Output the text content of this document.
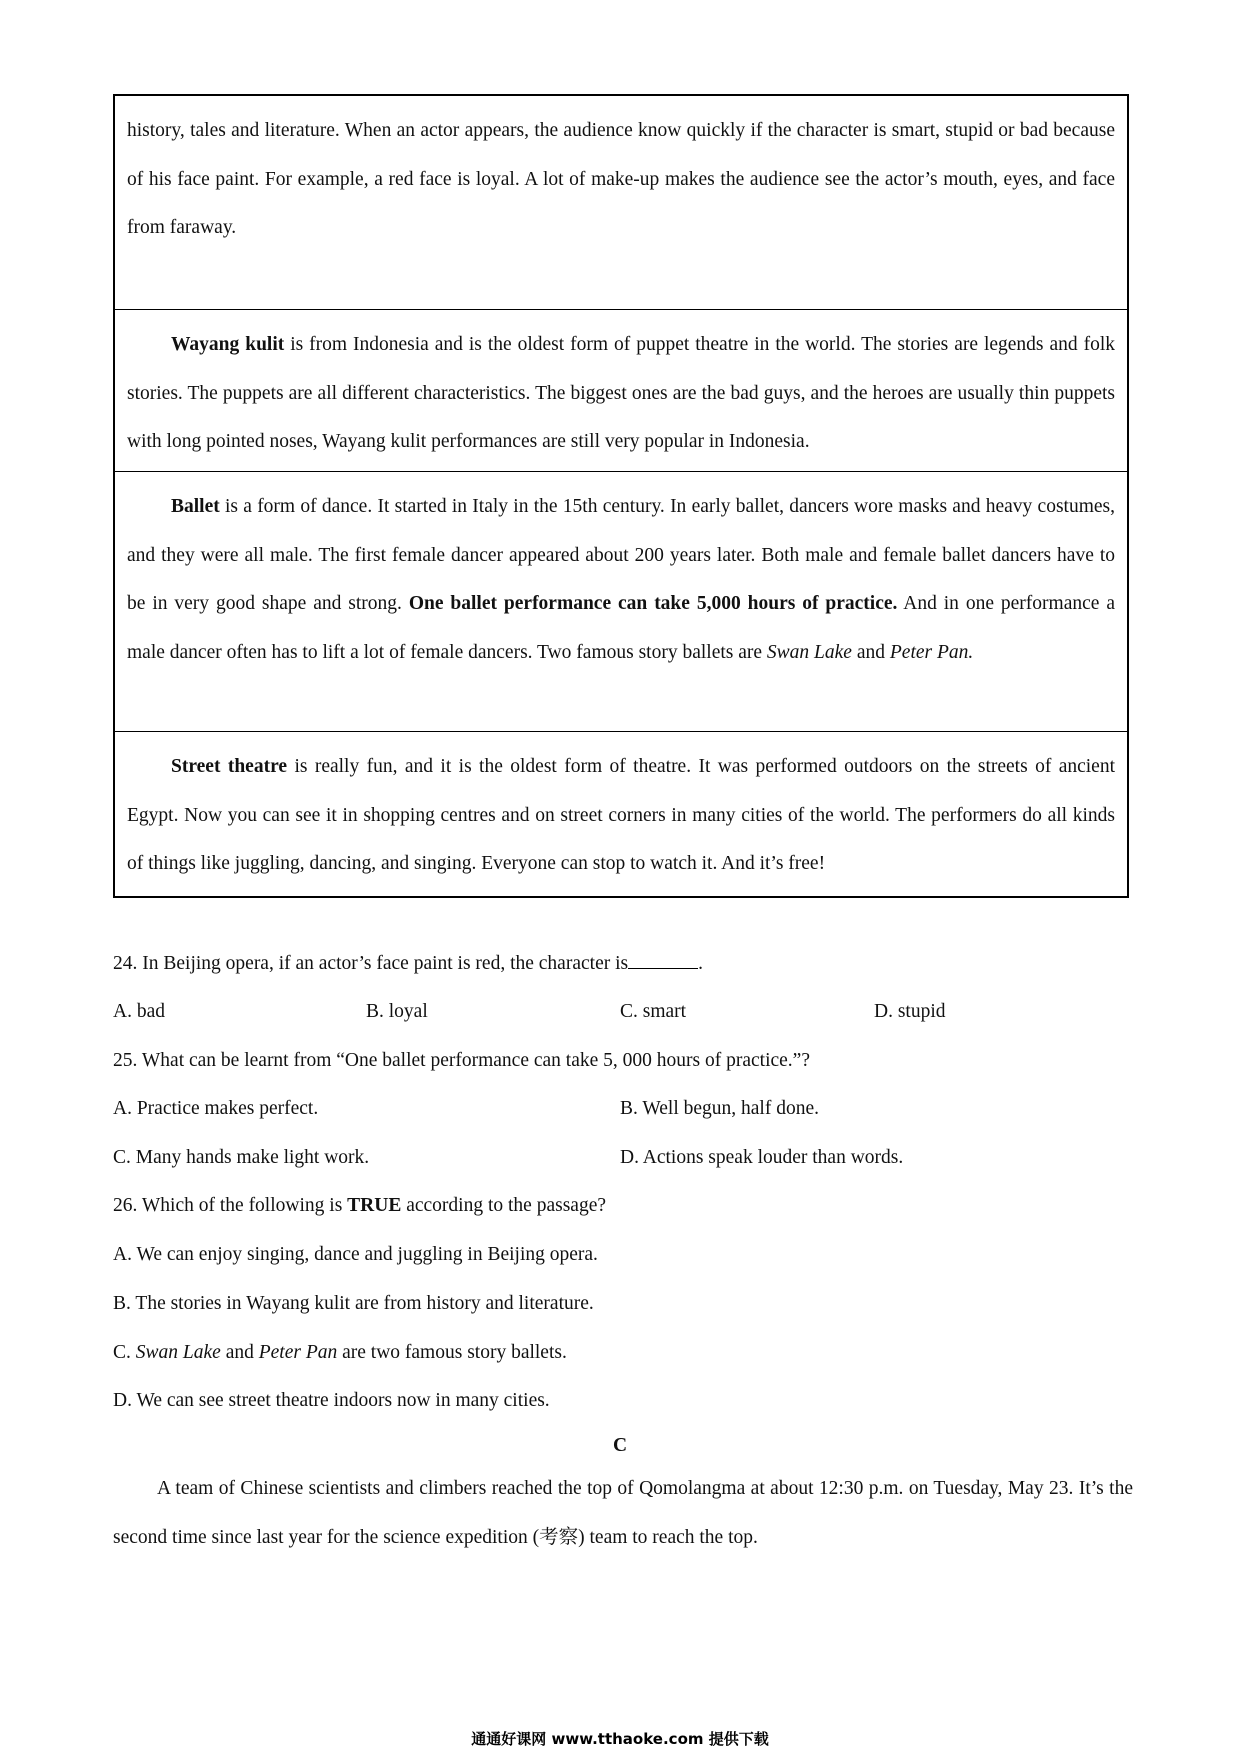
history, tales and literature. When an actor appears, the audience know quickly if the character is smart, stupid or bad because of his face paint. For example, a red face is loyal. A lot of make-up makes the audience see the actor’s mouth, eyes, and face from faraway.

Wayang kulit is from Indonesia and is the oldest form of puppet theatre in the world. The stories are legends and folk stories. The puppets are all different characteristics. The biggest ones are the bad guys, and the heroes are usually thin puppets with long pointed noses, Wayang kulit performances are still very popular in Indonesia.

Ballet is a form of dance. It started in Italy in the 15th century. In early ballet, dancers wore masks and heavy costumes, and they were all male. The first female dancer appeared about 200 years later. Both male and female ballet dancers have to be in very good shape and strong. One ballet performance can take 5,000 hours of practice. And in one performance a male dancer often has to lift a lot of female dancers. Two famous story ballets are Swan Lake and Peter Pan.

Street theatre is really fun, and it is the oldest form of theatre. It was performed outdoors on the streets of ancient Egypt. Now you can see it in shopping centres and on street corners in many cities of the world. The performers do all kinds of things like juggling, dancing, and singing. Everyone can stop to watch it. And it’s free!

24. In Beijing opera, if an actor’s face paint is red, the character is	.

A. bad	B. loyal	C. smart	D. stupid

25. What can be learnt from “One ballet performance can take 5, 000 hours of practice.”?

A. Practice makes perfect.	B. Well begun, half done.

C. Many hands make light work.	D. Actions speak louder than words.

26. Which of the following is TRUE according to the passage?

A. We can enjoy singing, dance and juggling in Beijing opera.

B. The stories in Wayang kulit are from history and literature.

C. Swan Lake and Peter Pan are two famous story ballets.

D. We can see street theatre indoors now in many cities.

C

A team of Chinese scientists and climbers reached the top of Qomolangma at about 12:30 p.m. on Tuesday, May 23. It’s the second time since last year for the science expedition (考察) team to reach the top.

通通好课网 www.tthaoke.com 提供下载
